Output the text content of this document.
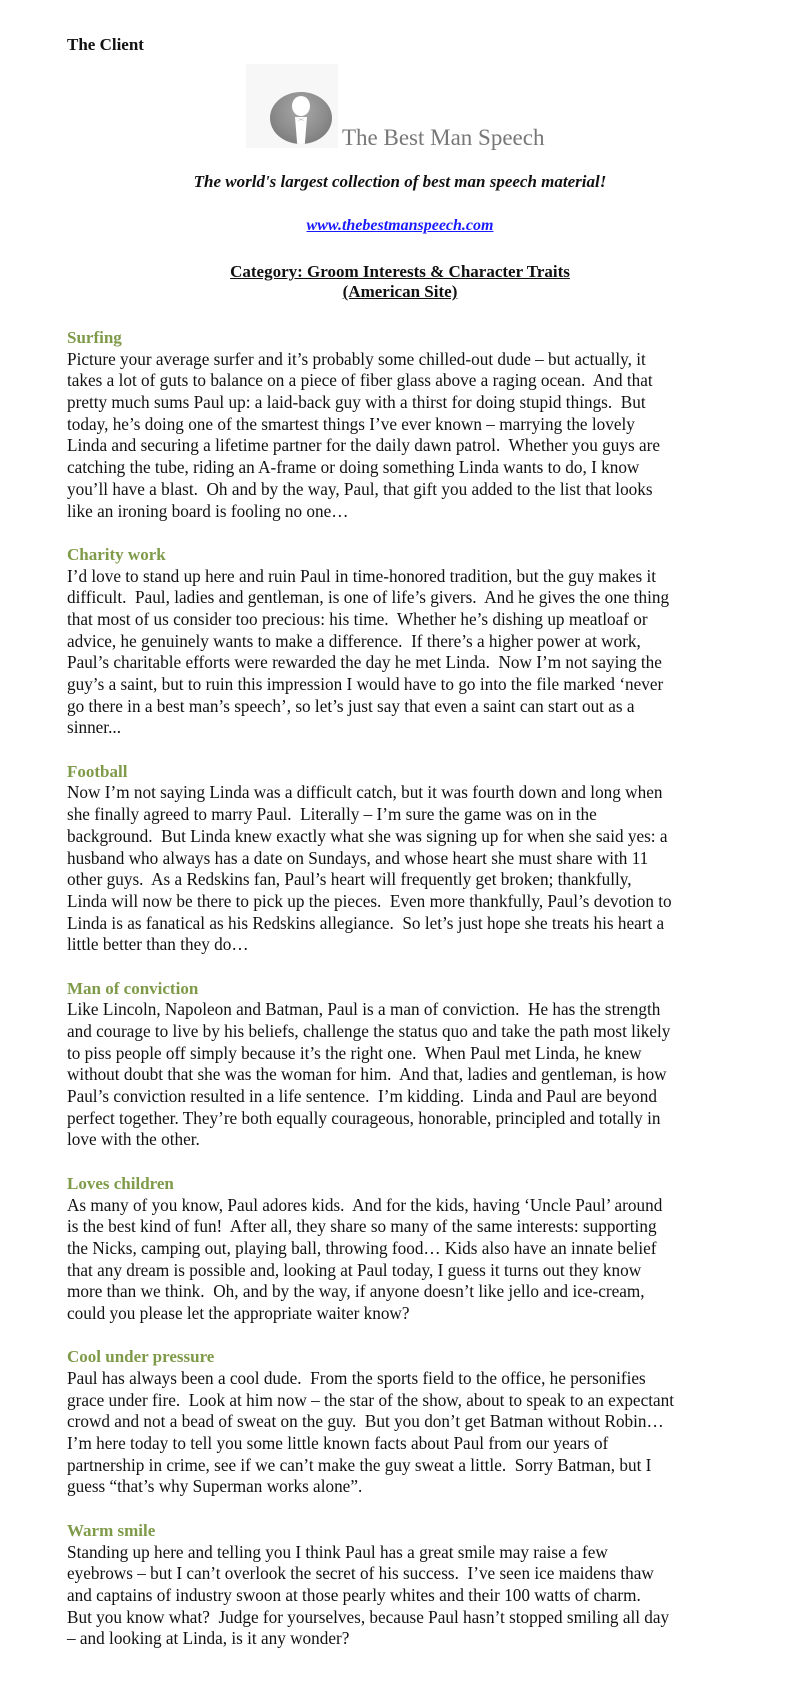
The Client
The Best Man Speech

The world's largest collection of best man speech material!

www.thebestmanspeech.com
Category: Groom Interests & Character Traits
(American Site)
Surfing

Picture your average surfer and it’s probably some chilled-out dude – but actually, it
takes a lot of guts to balance on a piece of fiber glass above a raging ocean.  And that
pretty much sums Paul up: a laid-back guy with a thirst for doing stupid things.  But
today, he’s doing one of the smartest things I’ve ever known – marrying the lovely
Linda and securing a lifetime partner for the daily dawn patrol.  Whether you guys are
catching the tube, riding an A-frame or doing something Linda wants to do, I know
you’ll have a blast.  Oh and by the way, Paul, that gift you added to the list that looks
like an ironing board is fooling no one…

Charity work

I’d love to stand up here and ruin Paul in time-honored tradition, but the guy makes it
difficult.  Paul, ladies and gentleman, is one of life’s givers.  And he gives the one thing
that most of us consider too precious: his time.  Whether he’s dishing up meatloaf or
advice, he genuinely wants to make a difference.  If there’s a higher power at work,
Paul’s charitable efforts were rewarded the day he met Linda.  Now I’m not saying the
guy’s a saint, but to ruin this impression I would have to go into the file marked ‘never
go there in a best man’s speech’, so let’s just say that even a saint can start out as a
sinner...

Football

Now I’m not saying Linda was a difficult catch, but it was fourth down and long when
she finally agreed to marry Paul.  Literally – I’m sure the game was on in the
background.  But Linda knew exactly what she was signing up for when she said yes: a
husband who always has a date on Sundays, and whose heart she must share with 11
other guys.  As a Redskins fan, Paul’s heart will frequently get broken; thankfully,
Linda will now be there to pick up the pieces.  Even more thankfully, Paul’s devotion to
Linda is as fanatical as his Redskins allegiance.  So let’s just hope she treats his heart a
little better than they do…

Man of conviction

Like Lincoln, Napoleon and Batman, Paul is a man of conviction.  He has the strength
and courage to live by his beliefs, challenge the status quo and take the path most likely
to piss people off simply because it’s the right one.  When Paul met Linda, he knew
without doubt that she was the woman for him.  And that, ladies and gentleman, is how
Paul’s conviction resulted in a life sentence.  I’m kidding.  Linda and Paul are beyond
perfect together. They’re both equally courageous, honorable, principled and totally in
love with the other.

Loves children

As many of you know, Paul adores kids.  And for the kids, having ‘Uncle Paul’ around
is the best kind of fun!  After all, they share so many of the same interests: supporting
the Nicks, camping out, playing ball, throwing food… Kids also have an innate belief
that any dream is possible and, looking at Paul today, I guess it turns out they know
more than we think.  Oh, and by the way, if anyone doesn’t like jello and ice-cream,
could you please let the appropriate waiter know?

Cool under pressure

Paul has always been a cool dude.  From the sports field to the office, he personifies
grace under fire.  Look at him now – the star of the show, about to speak to an expectant
crowd and not a bead of sweat on the guy.  But you don’t get Batman without Robin…
I’m here today to tell you some little known facts about Paul from our years of
partnership in crime, see if we can’t make the guy sweat a little.  Sorry Batman, but I
guess “that’s why Superman works alone”.

Warm smile

Standing up here and telling you I think Paul has a great smile may raise a few
eyebrows – but I can’t overlook the secret of his success.  I’ve seen ice maidens thaw
and captains of industry swoon at those pearly whites and their 100 watts of charm.
But you know what?  Judge for yourselves, because Paul hasn’t stopped smiling all day
– and looking at Linda, is it any wonder?
